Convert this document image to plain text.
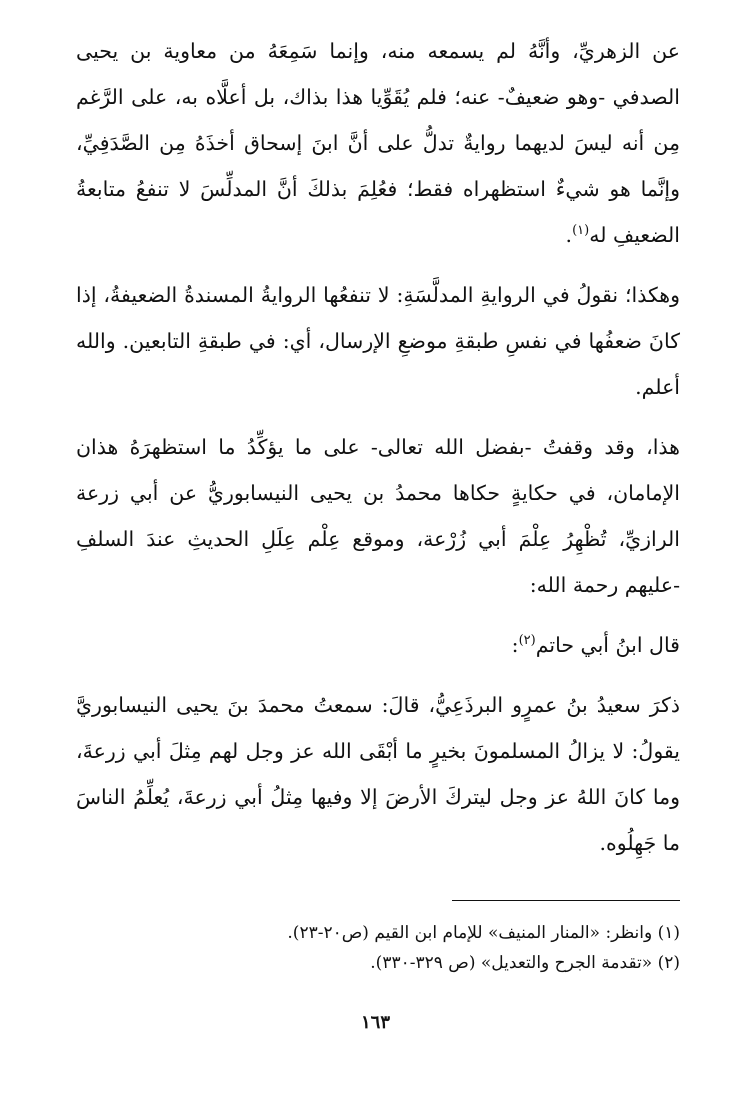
عن الزهريِّ، وأنَّهُ لم يسمعه منه، وإنما سَمِعَهُ من معاوية بن يحيى الصدفي -وهو ضعيفٌ- عنه؛ فلم يُقَوِّيا هذا بذاك، بل أعلَّاه به، على الرَّغم مِن أنه ليسَ لديهما روايةٌ تدلُّ على أنَّ ابنَ إسحاق أخذَهُ مِن الصَّدَفِيِّ، وإنَّما هو شيءٌ استظهراه فقط؛ فعُلِمَ بذلكَ أنَّ المدلِّسَ لا تنفعُ متابعةُ الضعيفِ له$^{(١)}$.

وهكذا؛ نقولُ في الروايةِ المدلَّسَةِ: لا تنفعُها الروايةُ المسندةُ الضعيفةُ، إذا كانَ ضعفُها في نفسِ طبقةِ موضعِ الإرسال، أي: في طبقةِ التابعين. والله أعلم.

هذا، وقد وقفتُ -بفضل الله تعالى- على ما يؤكِّدُ ما استظهرَهُ هذان الإمامان، في حكايةٍ حكاها محمدُ بن يحيى النيسابوريُّ عن أبي زرعة الرازيِّ، تُظْهِرُ عِلْمَ أبي زُرْعة، وموقع عِلْم عِلَلِ الحديثِ عندَ السلفِ -عليهم رحمة الله:

قال ابنُ أبي حاتم$^{(٢)}$:

ذكرَ سعيدُ بنُ عمرٍو البرذَعِيُّ، قالَ: سمعتُ محمدَ بنَ يحيى النيسابوريَّ يقولُ: لا يزالُ المسلمونَ بخيرٍ ما أبْقَى الله عز وجل لهم مِثلَ أبي زرعةَ، وما كانَ اللهُ عز وجل ليتركَ الأرضَ إلا وفيها مِثلُ أبي زرعةَ، يُعلِّمُ الناسَ ما جَهِلُوه.

(١) وانظر: «المنار المنيف» للإمام ابن القيم (ص٢٠-٢٣).

(٢) «تقدمة الجرح والتعديل» (ص ٣٢٩-٣٣٠).

١٦٣
